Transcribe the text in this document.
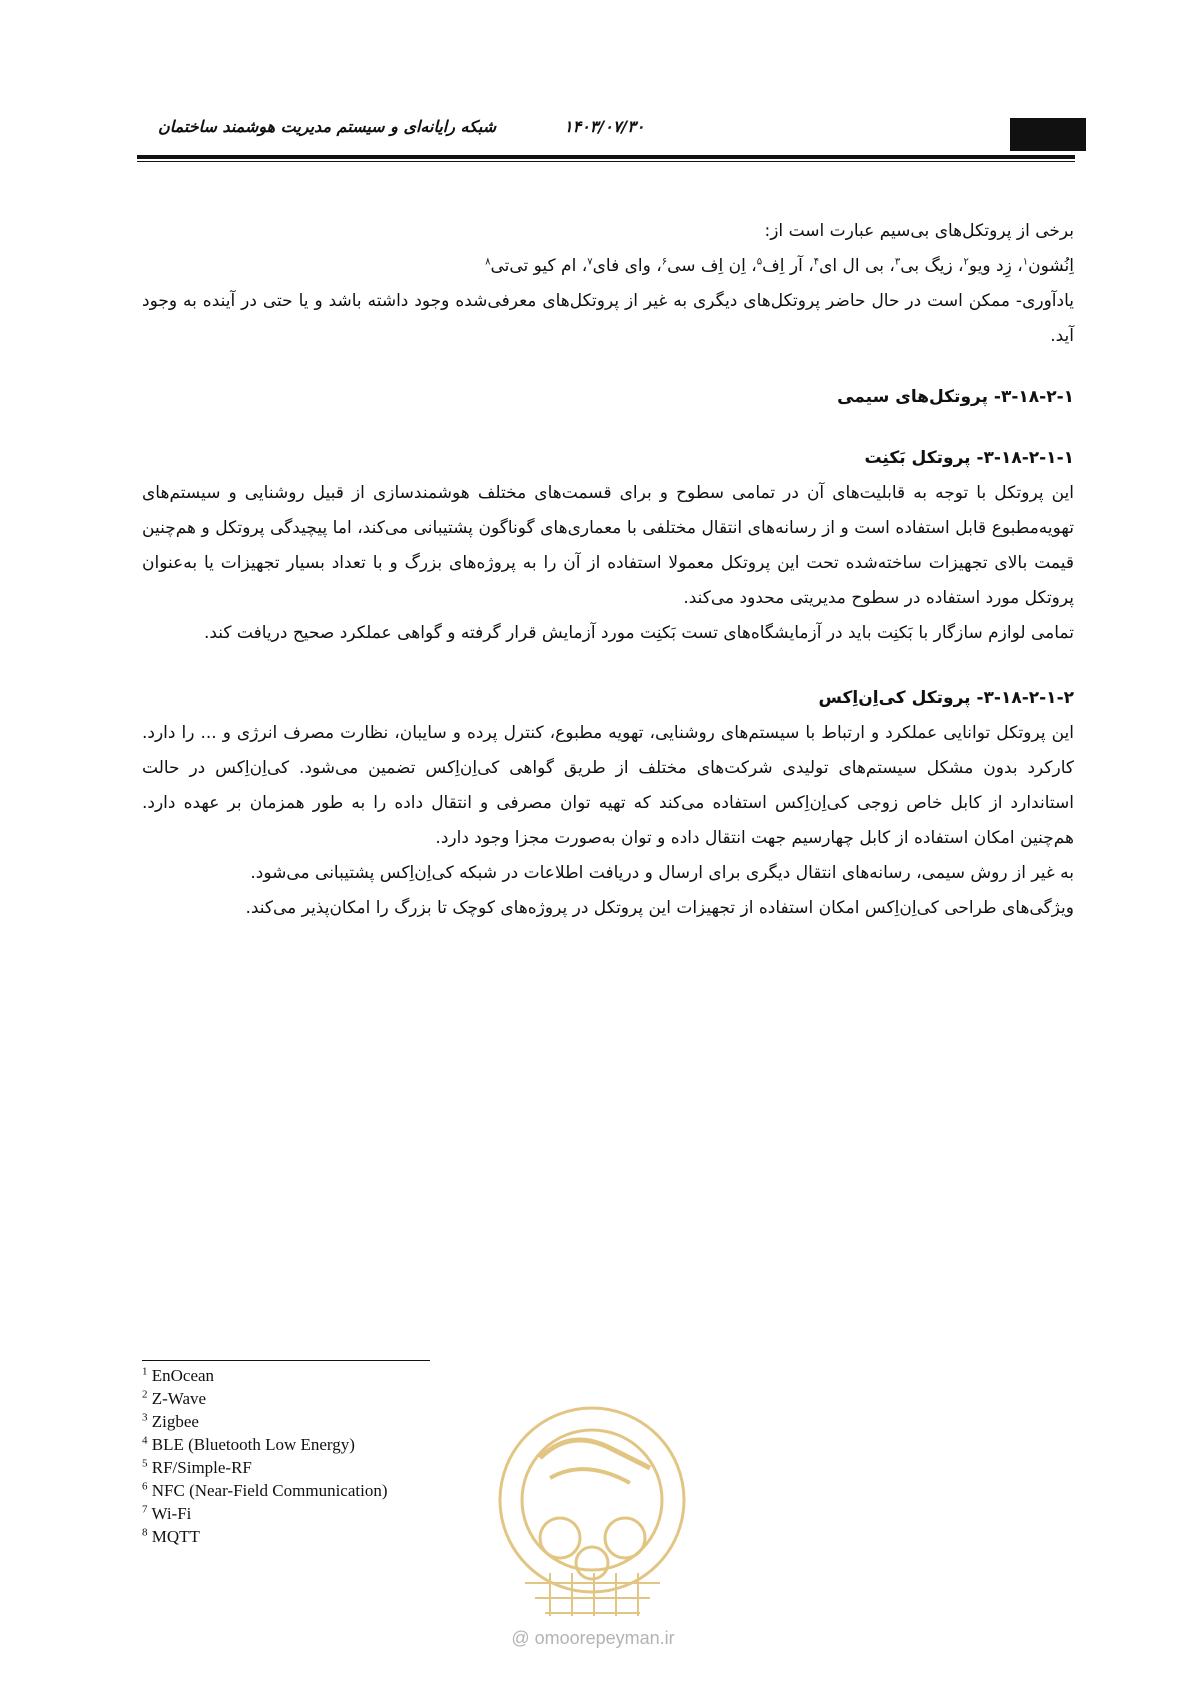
۱۴۰۳/۰۷/۳۰
شبکه رایانه‌ای و سیستم مدیریت هوشمند ساختمان

برخی از پروتکل‌های بی‌سیم عبارت است از:

اِنُشون$^۱$، زِد ویو$^۲$، زیگ بی$^۳$، بی ال ای$^۴$، آر اِف$^۵$، اِن اِف سی$^۶$، وای فای$^۷$، ام کیو تی‌تی$^۸$

یادآوری- ممکن است در حال حاضر پروتکل‌های دیگری به غیر از پروتکل‌های معرفی‌شده وجود داشته باشد و یا حتی در آینده به وجود آید.

۳-۱۸-۲-۱- پروتکل‌های سیمی
۳-۱۸-۲-۱-۱- پروتکل بَکنِت

این پروتکل با توجه به قابلیت‌های آن در تمامی سطوح و برای قسمت‌های مختلف هوشمندسازی از قبیل روشنایی و سیستم‌های تهویه‌مطبوع قابل استفاده است و از رسانه‌های انتقال مختلفی با معماری‌های گوناگون پشتیبانی می‌کند، اما پیچیدگی پروتکل و هم‌چنین قیمت بالای تجهیزات ساخته‌شده تحت این پروتکل معمولا استفاده از آن را به پروژه‌های بزرگ و با تعداد بسیار تجهیزات یا به‌عنوان پروتکل مورد استفاده در سطوح مدیریتی محدود می‌کند.

تمامی لوازم سازگار با بَکنِت باید در آزمایشگاه‌های تست بَکنِت مورد آزمایش قرار گرفته و گواهی عملکرد صحیح دریافت کند.

۳-۱۸-۲-۱-۲- پروتکل کی‌اِن‌اِکس

این پروتکل توانایی عملکرد و ارتباط با سیستم‌های روشنایی، تهویه مطبوع، کنترل پرده و سایبان، نظارت مصرف انرژی و ... را دارد. کارکرد بدون مشکل سیستم‌های تولیدی شرکت‌های مختلف از طریق گواهی کی‌اِن‌اِکس تضمین می‌شود. کی‌اِن‌اِکس در حالت استاندارد از کابل خاص زوجی کی‌اِن‌اِکس استفاده می‌کند که تهیه توان مصرفی و انتقال داده را به طور همزمان بر عهده دارد. هم‌چنین امکان استفاده از کابل چهارسیم جهت انتقال داده و توان به‌صورت مجزا وجود دارد.

به غیر از روش سیمی، رسانه‌های انتقال دیگری برای ارسال و دریافت اطلاعات در شبکه کی‌اِن‌اِکس پشتیبانی می‌شود.

ویژگی‌های طراحی کی‌اِن‌اِکس امکان استفاده از تجهیزات این پروتکل در پروژه‌های کوچک تا بزرگ را امکان‌پذیر می‌کند.

$^1$ EnOcean
$^2$ Z-Wave
$^3$ Zigbee
$^4$ BLE (Bluetooth Low Energy)
$^5$ RF/Simple-RF
$^6$ NFC (Near-Field Communication)
$^7$ Wi-Fi
$^8$ MQTT
@ omoorepeyman.ir
